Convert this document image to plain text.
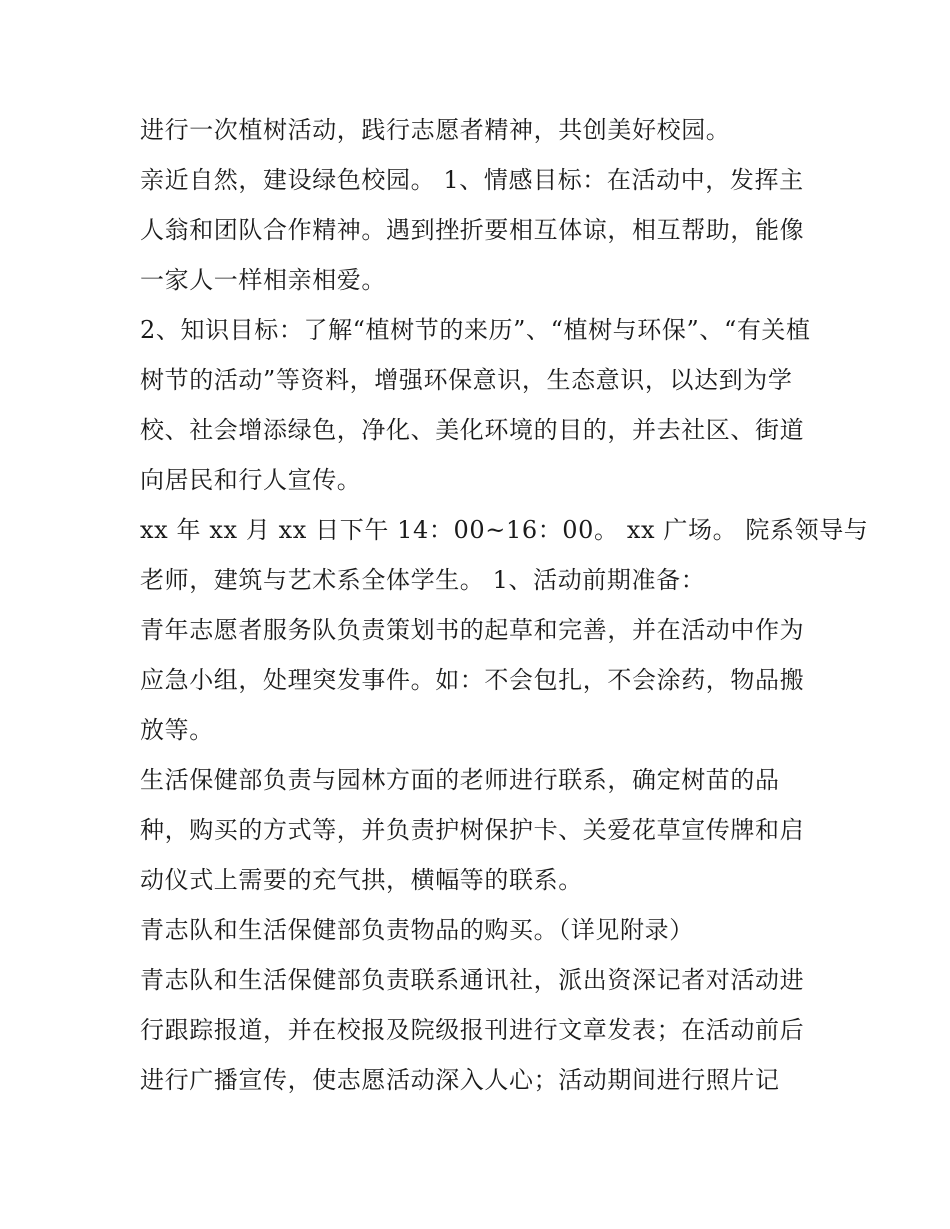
进行一次植树活动，践行志愿者精神，共创美好校园。
亲近自然，建设绿色校园。 1、情感目标：在活动中，发挥主
人翁和团队合作精神。遇到挫折要相互体谅，相互帮助，能像
一家人一样相亲相爱。
2、知识目标：了解“植树节的来历”、“植树与环保”、“有关植
树节的活动”等资料，增强环保意识，生态意识，以达到为学
校、社会增添绿色，净化、美化环境的目的，并去社区、街道
向居民和行人宣传。
xx 年 xx 月 xx 日下午 14：00~16：00。 xx 广场。 院系领导与
老师，建筑与艺术系全体学生。 1、活动前期准备：
青年志愿者服务队负责策划书的起草和完善，并在活动中作为
应急小组，处理突发事件。如：不会包扎，不会涂药，物品搬
放等。
生活保健部负责与园林方面的老师进行联系，确定树苗的品
种，购买的方式等，并负责护树保护卡、关爱花草宣传牌和启
动仪式上需要的充气拱，横幅等的联系。
青志队和生活保健部负责物品的购买。（详见附录）
青志队和生活保健部负责联系通讯社，派出资深记者对活动进
行跟踪报道，并在校报及院级报刊进行文章发表；在活动前后
进行广播宣传，使志愿活动深入人心；活动期间进行照片记
